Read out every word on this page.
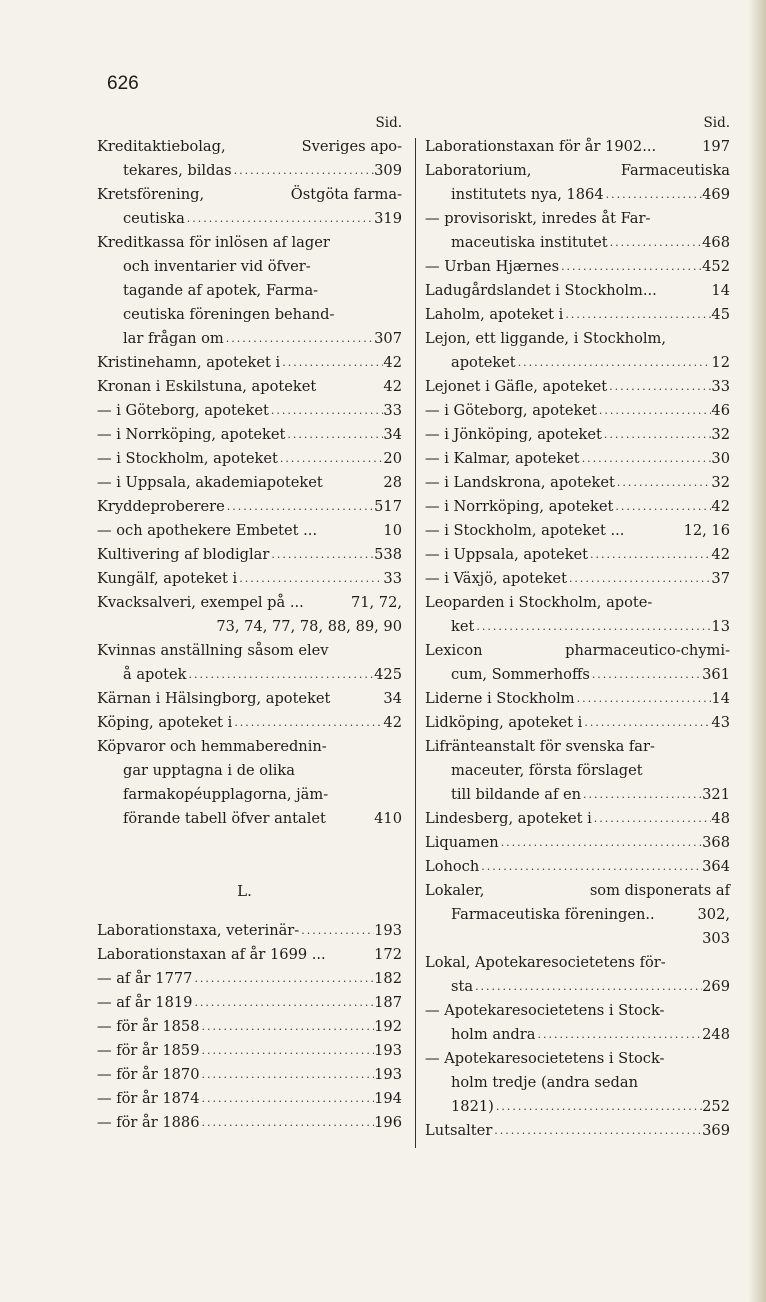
626
Sid.
Kreditaktiebolag,	Sveriges apo-
tekares, bildas .....	309
Kretsförening,	Östgöta farma-
ceutiska .....	319
Kreditkassa för inlösen af lager
och inventarier vid öfver-
tagande af apotek, Farma-
ceutiska föreningen behand-
lar frågan om .....	307
Kristinehamn, apoteket i .....	42
Kronan i Eskilstuna, apoteket	42
— i Göteborg, apoteket .....	33
— i Norrköping, apoteket .....	34
— i Stockholm, apoteket .....	20
— i Uppsala, akademiapoteket	28
Kryddeproberere .....	517
— och apothekere Embetet ...	10
Kultivering af blodiglar .....	538
Kungälf, apoteket i .....	33
Kvacksalveri, exempel på ...	71, 72,
73, 74, 77, 78, 88, 89, 90
Kvinnas anställning såsom elev
å apotek .....	425
Kärnan i Hälsingborg, apoteket	34
Köping, apoteket i .....	42
Köpvaror och hemmaberednin-
gar upptagna i de olika
farmakopéupplagorna, jäm-
förande tabell öfver antalet	410
L.
Laborationstaxa, veterinär- .....	193
Laborationstaxan af år 1699 ...	172
— af år 1777 .....	182
— af år 1819 .....	187
— för år 1858 .....	192
— för år 1859 .....	193
— för år 1870 .....	193
— för år 1874 .....	194
— för år 1886 .....	196
Sid.
Laborationstaxan för år 1902...	197
Laboratorium,	Farmaceutiska
institutets nya, 1864 .....	469
— provisoriskt, inredes åt Far-
maceutiska institutet .....	468
— Urban Hjærnes .....	452
Ladugårdslandet i Stockholm...	14
Laholm, apoteket i .....	45
Lejon, ett liggande, i Stockholm,
apoteket .....	12
Lejonet i Gäfle, apoteket .....	33
— i Göteborg, apoteket .....	46
— i Jönköping, apoteket .....	32
— i Kalmar, apoteket .....	30
— i Landskrona, apoteket .....	32
— i Norrköping, apoteket .....	42
— i Stockholm, apoteket ...	12, 16
— i Uppsala, apoteket .....	42
— i Växjö, apoteket .....	37
Leoparden i Stockholm, apote-
ket .....	13
Lexicon	pharmaceutico-chymi-
cum, Sommerhoffs .....	361
Liderne i Stockholm .....	14
Lidköping, apoteket i .....	43
Lifränteanstalt för svenska far-
maceuter, första förslaget
till bildande af en .....	321
Lindesberg, apoteket i .....	48
Liquamen .....	368
Lohoch .....	364
Lokaler,	som disponerats af
Farmaceutiska föreningen..	302,
303
Lokal, Apotekaresocietetens för-
sta .....	269
— Apotekaresocietetens i Stock-
holm andra .....	248
— Apotekaresocietetens i Stock-
holm tredje (andra sedan
1821) .....	252
Lutsalter .....	369
